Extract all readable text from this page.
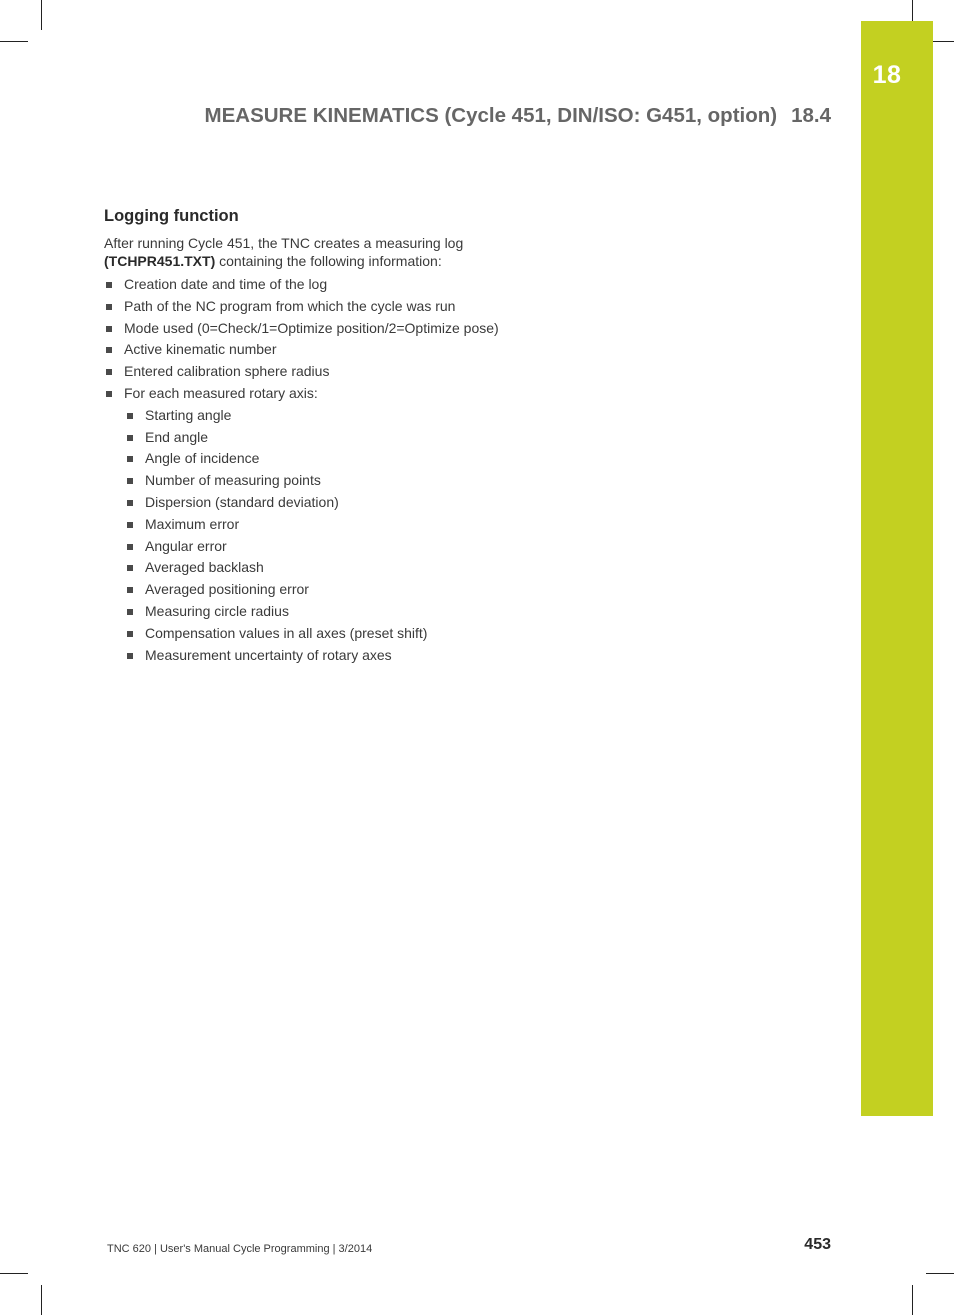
18
MEASURE KINEMATICS (Cycle 451, DIN/ISO: G451, option) 18.4
Logging function

After running Cycle 451, the TNC creates a measuring log
(TCHPR451.TXT) containing the following information:

Creation date and time of the log
Path of the NC program from which the cycle was run
Mode used (0=Check/1=Optimize position/2=Optimize pose)
Active kinematic number
Entered calibration sphere radius
For each measured rotary axis:
Starting angle
End angle
Angle of incidence
Number of measuring points
Dispersion (standard deviation)
Maximum error
Angular error
Averaged backlash
Averaged positioning error
Measuring circle radius
Compensation values in all axes (preset shift)
Measurement uncertainty of rotary axes
TNC 620 | User's Manual Cycle Programming | 3/2014	453
